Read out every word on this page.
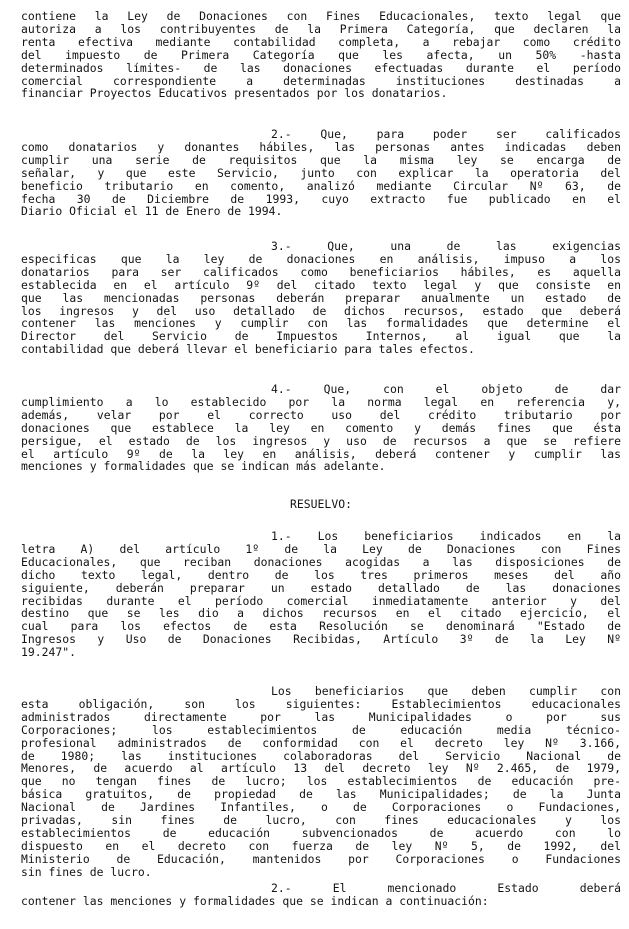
contiene la Ley de Donaciones con Fines Educacionales, texto legal que
autoriza a los contribuyentes de la Primera Categoría, que declaren la
renta efectiva mediante contabilidad completa, a rebajar como crédito
del impuesto de Primera Categoría que les afecta, un 50% -hasta
determinados límites- de las donaciones efectuadas durante el período
comercial correspondiente a determinadas instituciones destinadas a
financiar Proyectos Educativos presentados por los donatarios.
2.- Que, para poder ser calificados
como donatarios y donantes hábiles, las personas antes indicadas deben
cumplir una serie de requisitos que la misma ley se encarga de
señalar, y que este Servicio, junto con explicar la operatoria del
beneficio tributario en comento, analizó mediante Circular Nº 63, de
fecha 30 de Diciembre de 1993, cuyo extracto fue publicado en el
Diario Oficial el 11 de Enero de 1994.
3.- Que, una de las exigencias
especificas que la ley de donaciones en análisis, impuso a los
donatarios para ser calificados como beneficiarios hábiles, es aquella
establecida en el artículo 9º del citado texto legal y que consiste en
que las mencionadas personas deberán preparar anualmente un estado de
los ingresos y del uso detallado de dichos recursos, estado que deberá
contener las menciones y cumplir con las formalidades que determine el
Director del Servicio de Impuestos Internos, al igual que la
contabilidad que deberá llevar el beneficiario para tales efectos.
4.- Que, con el objeto de dar
cumplimiento a lo establecido por la norma legal en referencia y,
además, velar por el correcto uso del crédito tributario por
donaciones que establece la ley en comento y demás fines que ésta
persigue, el estado de los ingresos y uso de recursos a que se refiere
el artículo 9º de la ley en análisis, deberá contener y cumplir las
menciones y formalidades que se indican más adelante.
RESUELVO:
1.- Los beneficiarios indicados en la
letra A) del artículo 1º de la Ley de Donaciones con Fines
Educacionales, que reciban donaciones acogidas a las disposiciones de
dicho texto legal, dentro de los tres primeros meses del año
siguiente, deberán preparar un estado detallado de las donaciones
recibidas durante el período comercial inmediatamente anterior y del
destino que se les dio a dichos recursos en el citado ejercicio, el
cual para los efectos de esta Resolución se denominará "Estado de
Ingresos y Uso de Donaciones Recibidas, Artículo 3º de la Ley Nº
19.247".
Los beneficiarios que deben cumplir con
esta obligación, son los siguientes: Establecimientos educacionales
administrados directamente por las Municipalidades o por sus
Corporaciones; los establecimientos de educación media técnico-
profesional administrados de conformidad con el decreto ley Nº 3.166,
de 1980; las instituciones colaboradoras del Servicio Nacional de
Menores, de acuerdo al artículo 13 del decreto ley Nº 2.465, de 1979,
que no tengan fines de lucro; los establecimientos de educación pre-
básica gratuitos, de propiedad de las Municipalidades; de la Junta
Nacional de Jardines Infantiles, o de Corporaciones o Fundaciones,
privadas, sin fines de lucro, con fines educacionales y los
establecimientos de educación subvencionados de acuerdo con lo
dispuesto en el decreto con fuerza de ley Nº 5, de 1992, del
Ministerio de Educación, mantenidos por Corporaciones o Fundaciones
sin fines de lucro.
2.- El mencionado Estado deberá
contener las menciones y formalidades que se indican a continuación:
